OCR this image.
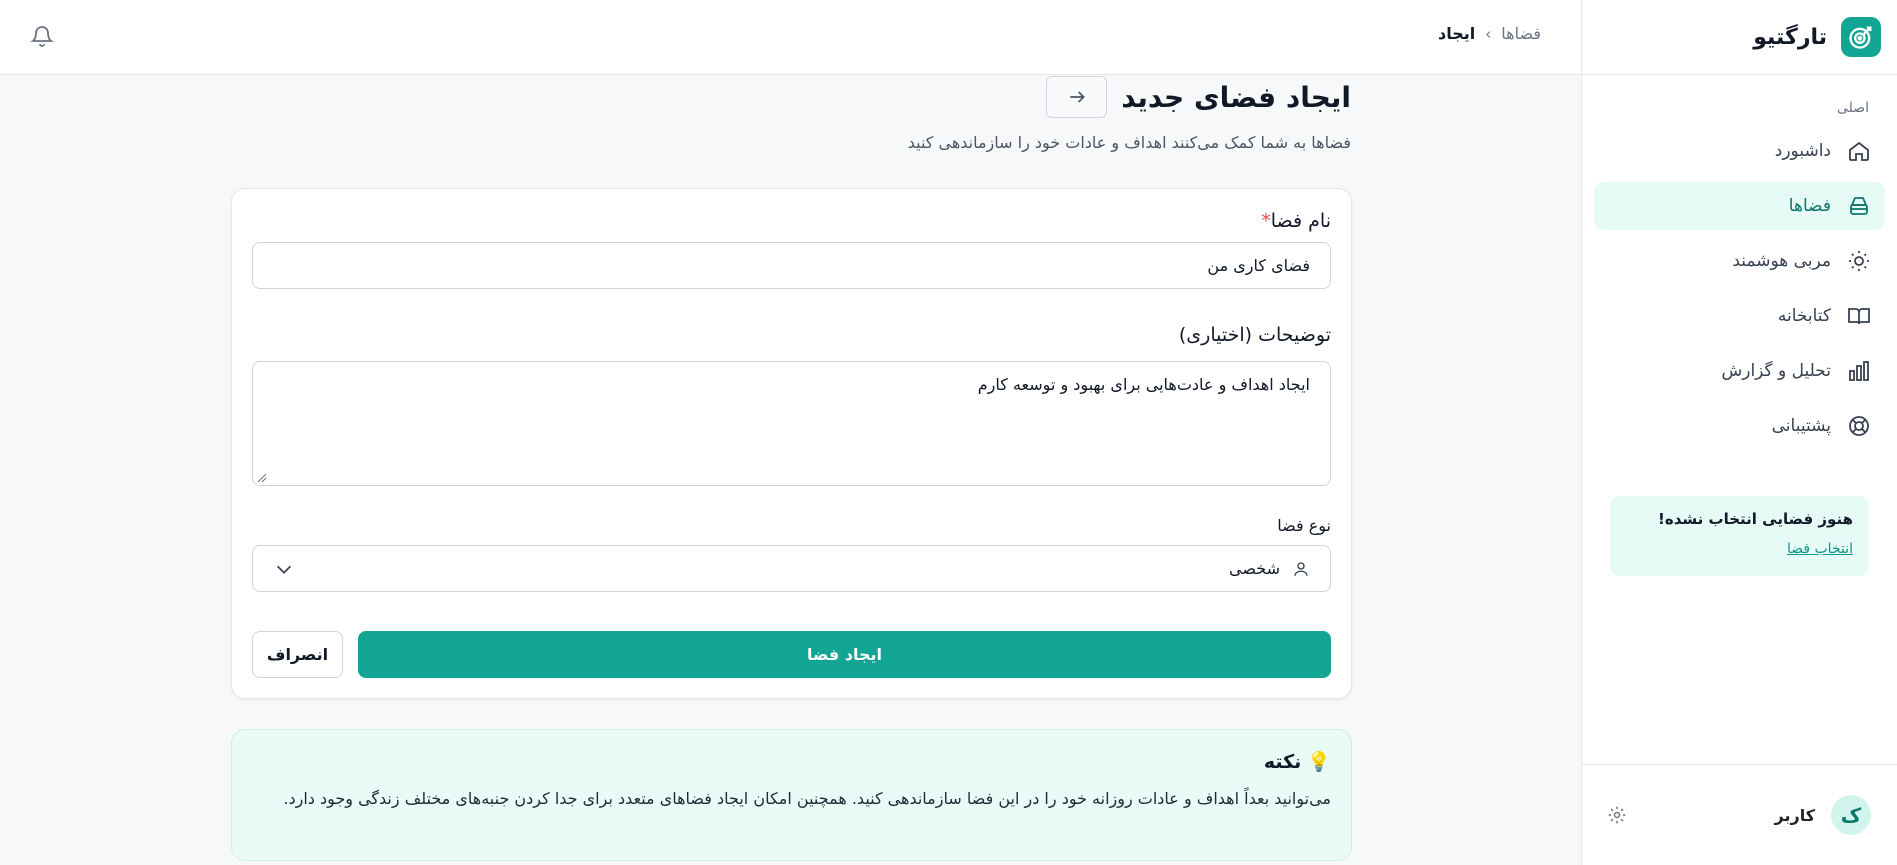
تارگتیو
اصلی
داشبورد
فضاها
مربی هوشمند
کتابخانه
تحلیل و گزارش
پشتیبانی
هنوز فضایی انتخاب نشده!
انتخاب فضا
ک
کاربر
فضاها
›
ایجاد
ایجاد فضای جدید

فضاها به شما کمک می‌کنند اهداف و عادات خود را سازماندهی کنید

نام فضا*
فضای کاری من
توضیحات (اختیاری)
ایجاد اهداف و عادت‌هایی برای بهبود و توسعه کارم
نوع فضا
شخصی
ایجاد فضا
انصراف
💡
نکته

می‌توانید بعداً اهداف و عادات روزانه خود را در این فضا سازماندهی کنید. همچنین امکان ایجاد فضاهای متعدد برای جدا کردن جنبه‌های مختلف زندگی وجود دارد.
